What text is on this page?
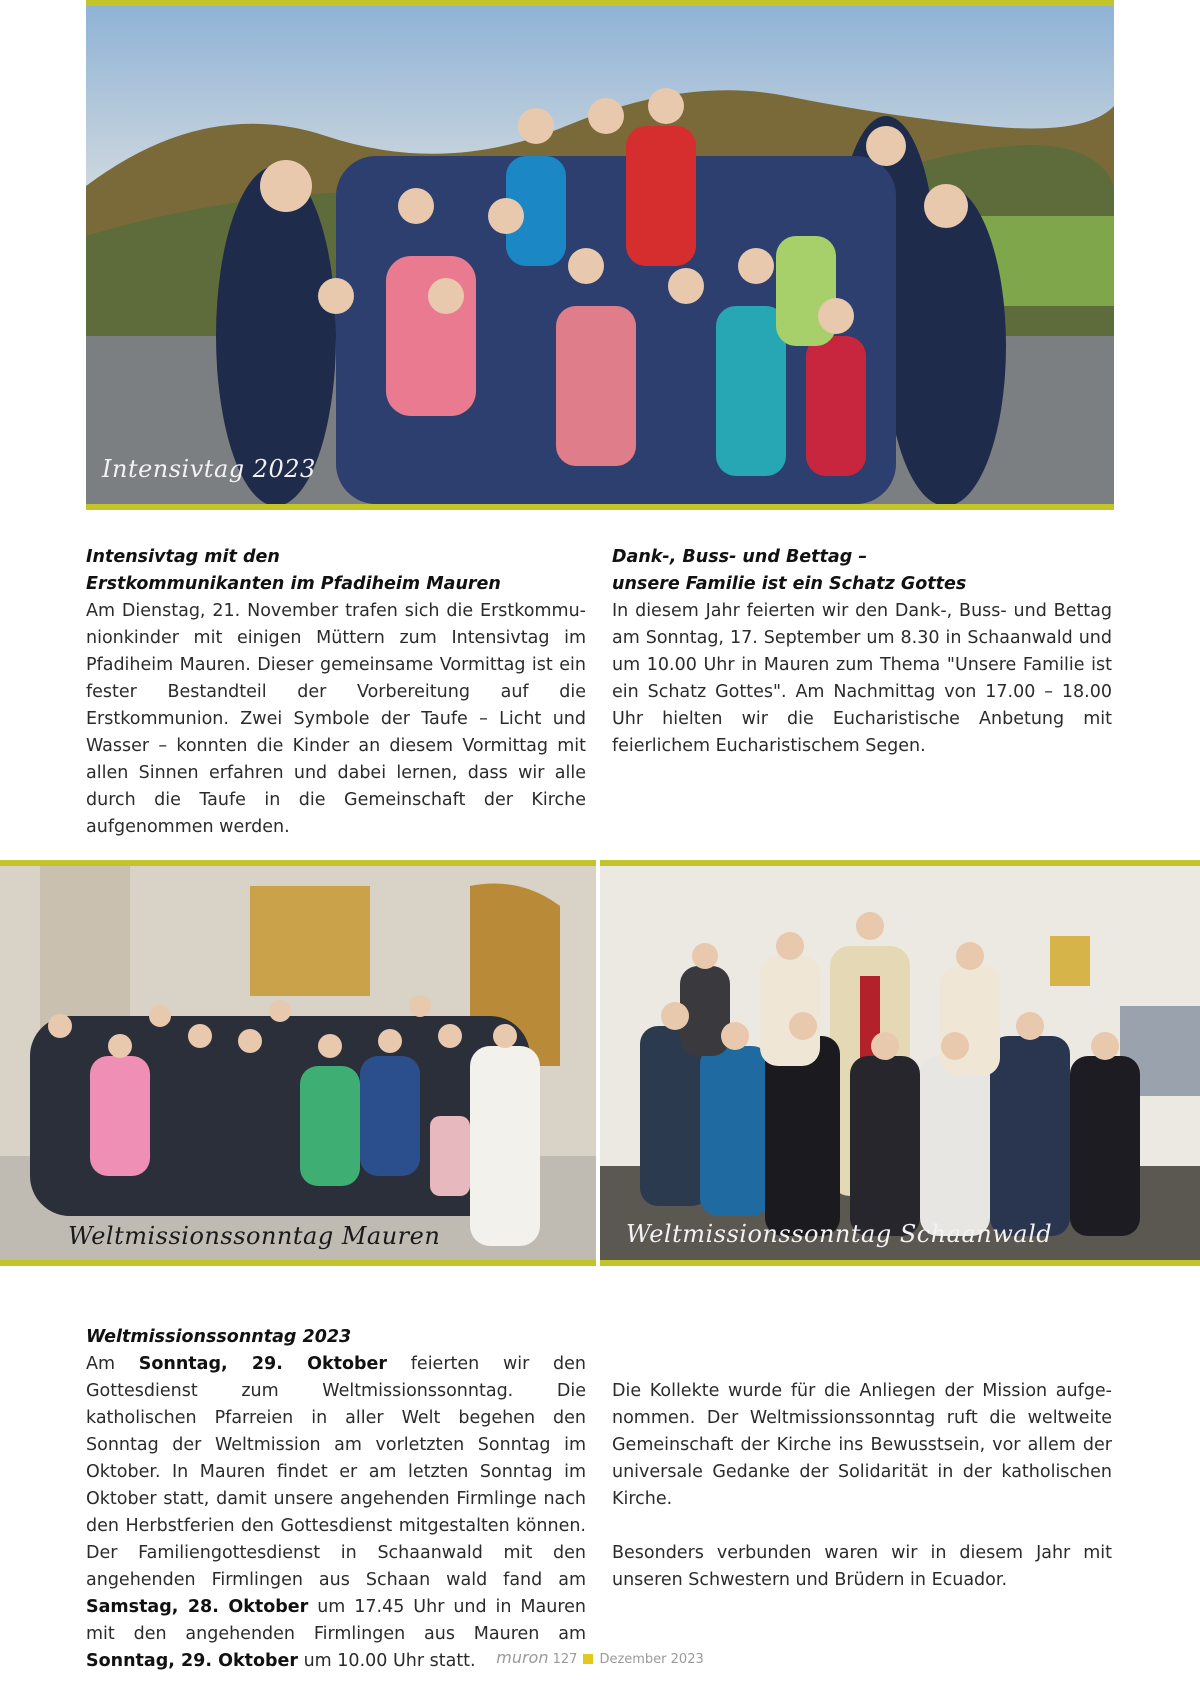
Intensivtag 2023
Intensivtag mit den
Erstkommunikanten im Pfadiheim Mauren

Am Dienstag, 21. November trafen sich die Erstkommunionkinder mit einigen Müttern zum Intensivtag im Pfadiheim Mauren. Dieser gemeinsame Vormittag ist ein fester Bestandteil der Vorbereitung auf die Erstkommunion. Zwei Symbole der Taufe – Licht und Wasser – konnten die Kinder an diesem Vormittag mit allen Sinnen erfahren und dabei lernen, dass wir alle durch die Taufe in die Gemeinschaft der Kirche aufgenommen werden.

Dank-, Buss- und Bettag –
unsere Familie ist ein Schatz Gottes

In diesem Jahr feierten wir den Dank-, Buss- und Bettag am Sonntag, 17. September um 8.30 in Schaanwald und um 10.00 Uhr in Mauren zum Thema "Unsere Familie ist ein Schatz Gottes". Am Nachmittag von 17.00 – 18.00 Uhr hielten wir die Eucharistische Anbetung mit feierlichem Eucharistischem Segen.

Weltmissionssonntag Mauren	Weltmissionssonntag Schaanwald
Weltmissionssonntag 2023

Am Sonntag, 29. Oktober feierten wir den Gottesdienst zum Weltmissionssonntag. Die katholischen Pfarreien in aller Welt begehen den Sonntag der Weltmission am vorletzten Sonntag im Oktober. In Mauren findet er am letzten Sonntag im Oktober statt, damit unsere angehenden Firmlinge nach den Herbstferien den Gottesdienst mitgestalten können. Der Familiengottesdienst in Schaanwald mit den angehenden Firmlingen aus Schaan wald fand am Samstag, 28. Oktober um 17.45 Uhr und in Mauren mit den angehenden Firmlingen aus Mauren am Sonntag, 29. Oktober um 10.00 Uhr statt.

Die Kollekte wurde für die Anliegen der Mission aufgenommen. Der Weltmissionssonntag ruft die weltweite Gemeinschaft der Kirche ins Bewusstsein, vor allem der universale Gedanke der Solidarität in der katholischen Kirche.

Besonders verbunden waren wir in diesem Jahr mit unseren Schwestern und Brüdern in Ecuador.

muron 127 Dezember 2023
